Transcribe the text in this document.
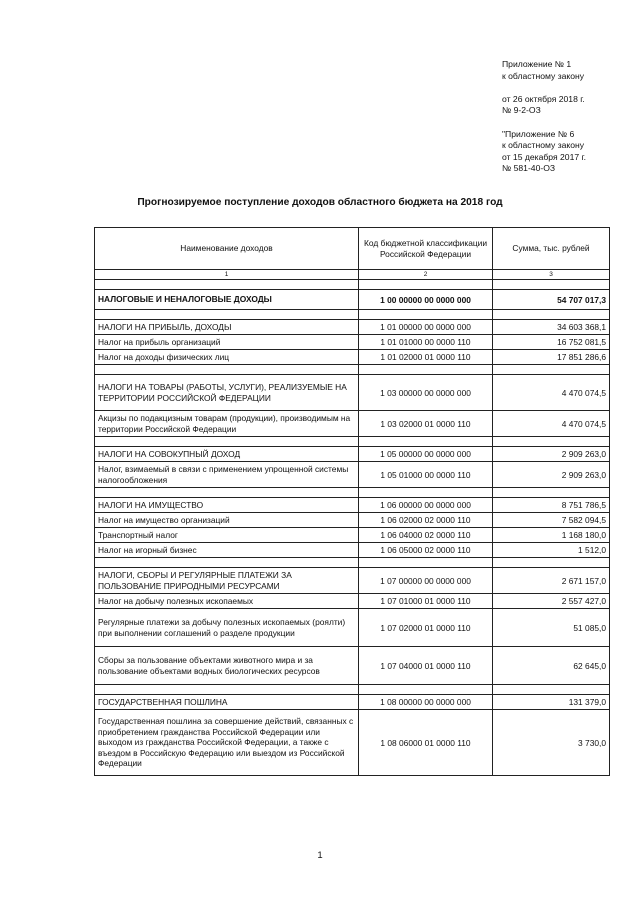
Приложение № 1
к областному закону
от 26 октября 2018 г.
№ 9-2-ОЗ
"Приложение № 6
к областному закону
от 15 декабря 2017 г.
№ 581-40-ОЗ
Прогнозируемое поступление доходов областного бюджета на 2018 год
Наименование доходов	Код бюджетной классификации Российской Федерации	Сумма, тыс. рублей
1	2	3

НАЛОГОВЫЕ И НЕНАЛОГОВЫЕ ДОХОДЫ	1 00 00000 00 0000 000	54 707 017,3

НАЛОГИ НА ПРИБЫЛЬ, ДОХОДЫ	1 01 00000 00 0000 000	34 603 368,1
Налог на прибыль организаций	1 01 01000 00 0000 110	16 752 081,5
Налог на доходы физических лиц	1 01 02000 01 0000 110	17 851 286,6

НАЛОГИ НА ТОВАРЫ (РАБОТЫ, УСЛУГИ), РЕАЛИЗУЕМЫЕ НА ТЕРРИТОРИИ РОССИЙСКОЙ ФЕДЕРАЦИИ	1 03 00000 00 0000 000	4 470 074,5
Акцизы по подакцизным товарам (продукции), производимым на территории Российской Федерации	1 03 02000 01 0000 110	4 470 074,5

НАЛОГИ НА СОВОКУПНЫЙ ДОХОД	1 05 00000 00 0000 000	2 909 263,0
Налог, взимаемый в связи с применением упрощенной системы налогообложения	1 05 01000 00 0000 110	2 909 263,0

НАЛОГИ НА ИМУЩЕСТВО	1 06 00000 00 0000 000	8 751 786,5
Налог на имущество организаций	1 06 02000 02 0000 110	7 582 094,5
Транспортный налог	1 06 04000 02 0000 110	1 168 180,0
Налог на игорный бизнес	1 06 05000 02 0000 110	1 512,0

НАЛОГИ, СБОРЫ И РЕГУЛЯРНЫЕ ПЛАТЕЖИ ЗА ПОЛЬЗОВАНИЕ ПРИРОДНЫМИ РЕСУРСАМИ	1 07 00000 00 0000 000	2 671 157,0
Налог на добычу полезных ископаемых	1 07 01000 01 0000 110	2 557 427,0
Регулярные платежи за добычу полезных ископаемых (роялти) при выполнении соглашений о разделе продукции	1 07 02000 01 0000 110	51 085,0
Сборы за пользование объектами животного мира и за пользование объектами водных биологических ресурсов	1 07 04000 01 0000 110	62 645,0

ГОСУДАРСТВЕННАЯ ПОШЛИНА	1 08 00000 00 0000 000	131 379,0
Государственная пошлина за совершение действий, связанных с приобретением гражданства Российской Федерации или выходом из гражданства Российской Федерации, а также с въездом в Российскую Федерацию или выездом из Российской Федерации	1 08 06000 01 0000 110	3 730,0
1
